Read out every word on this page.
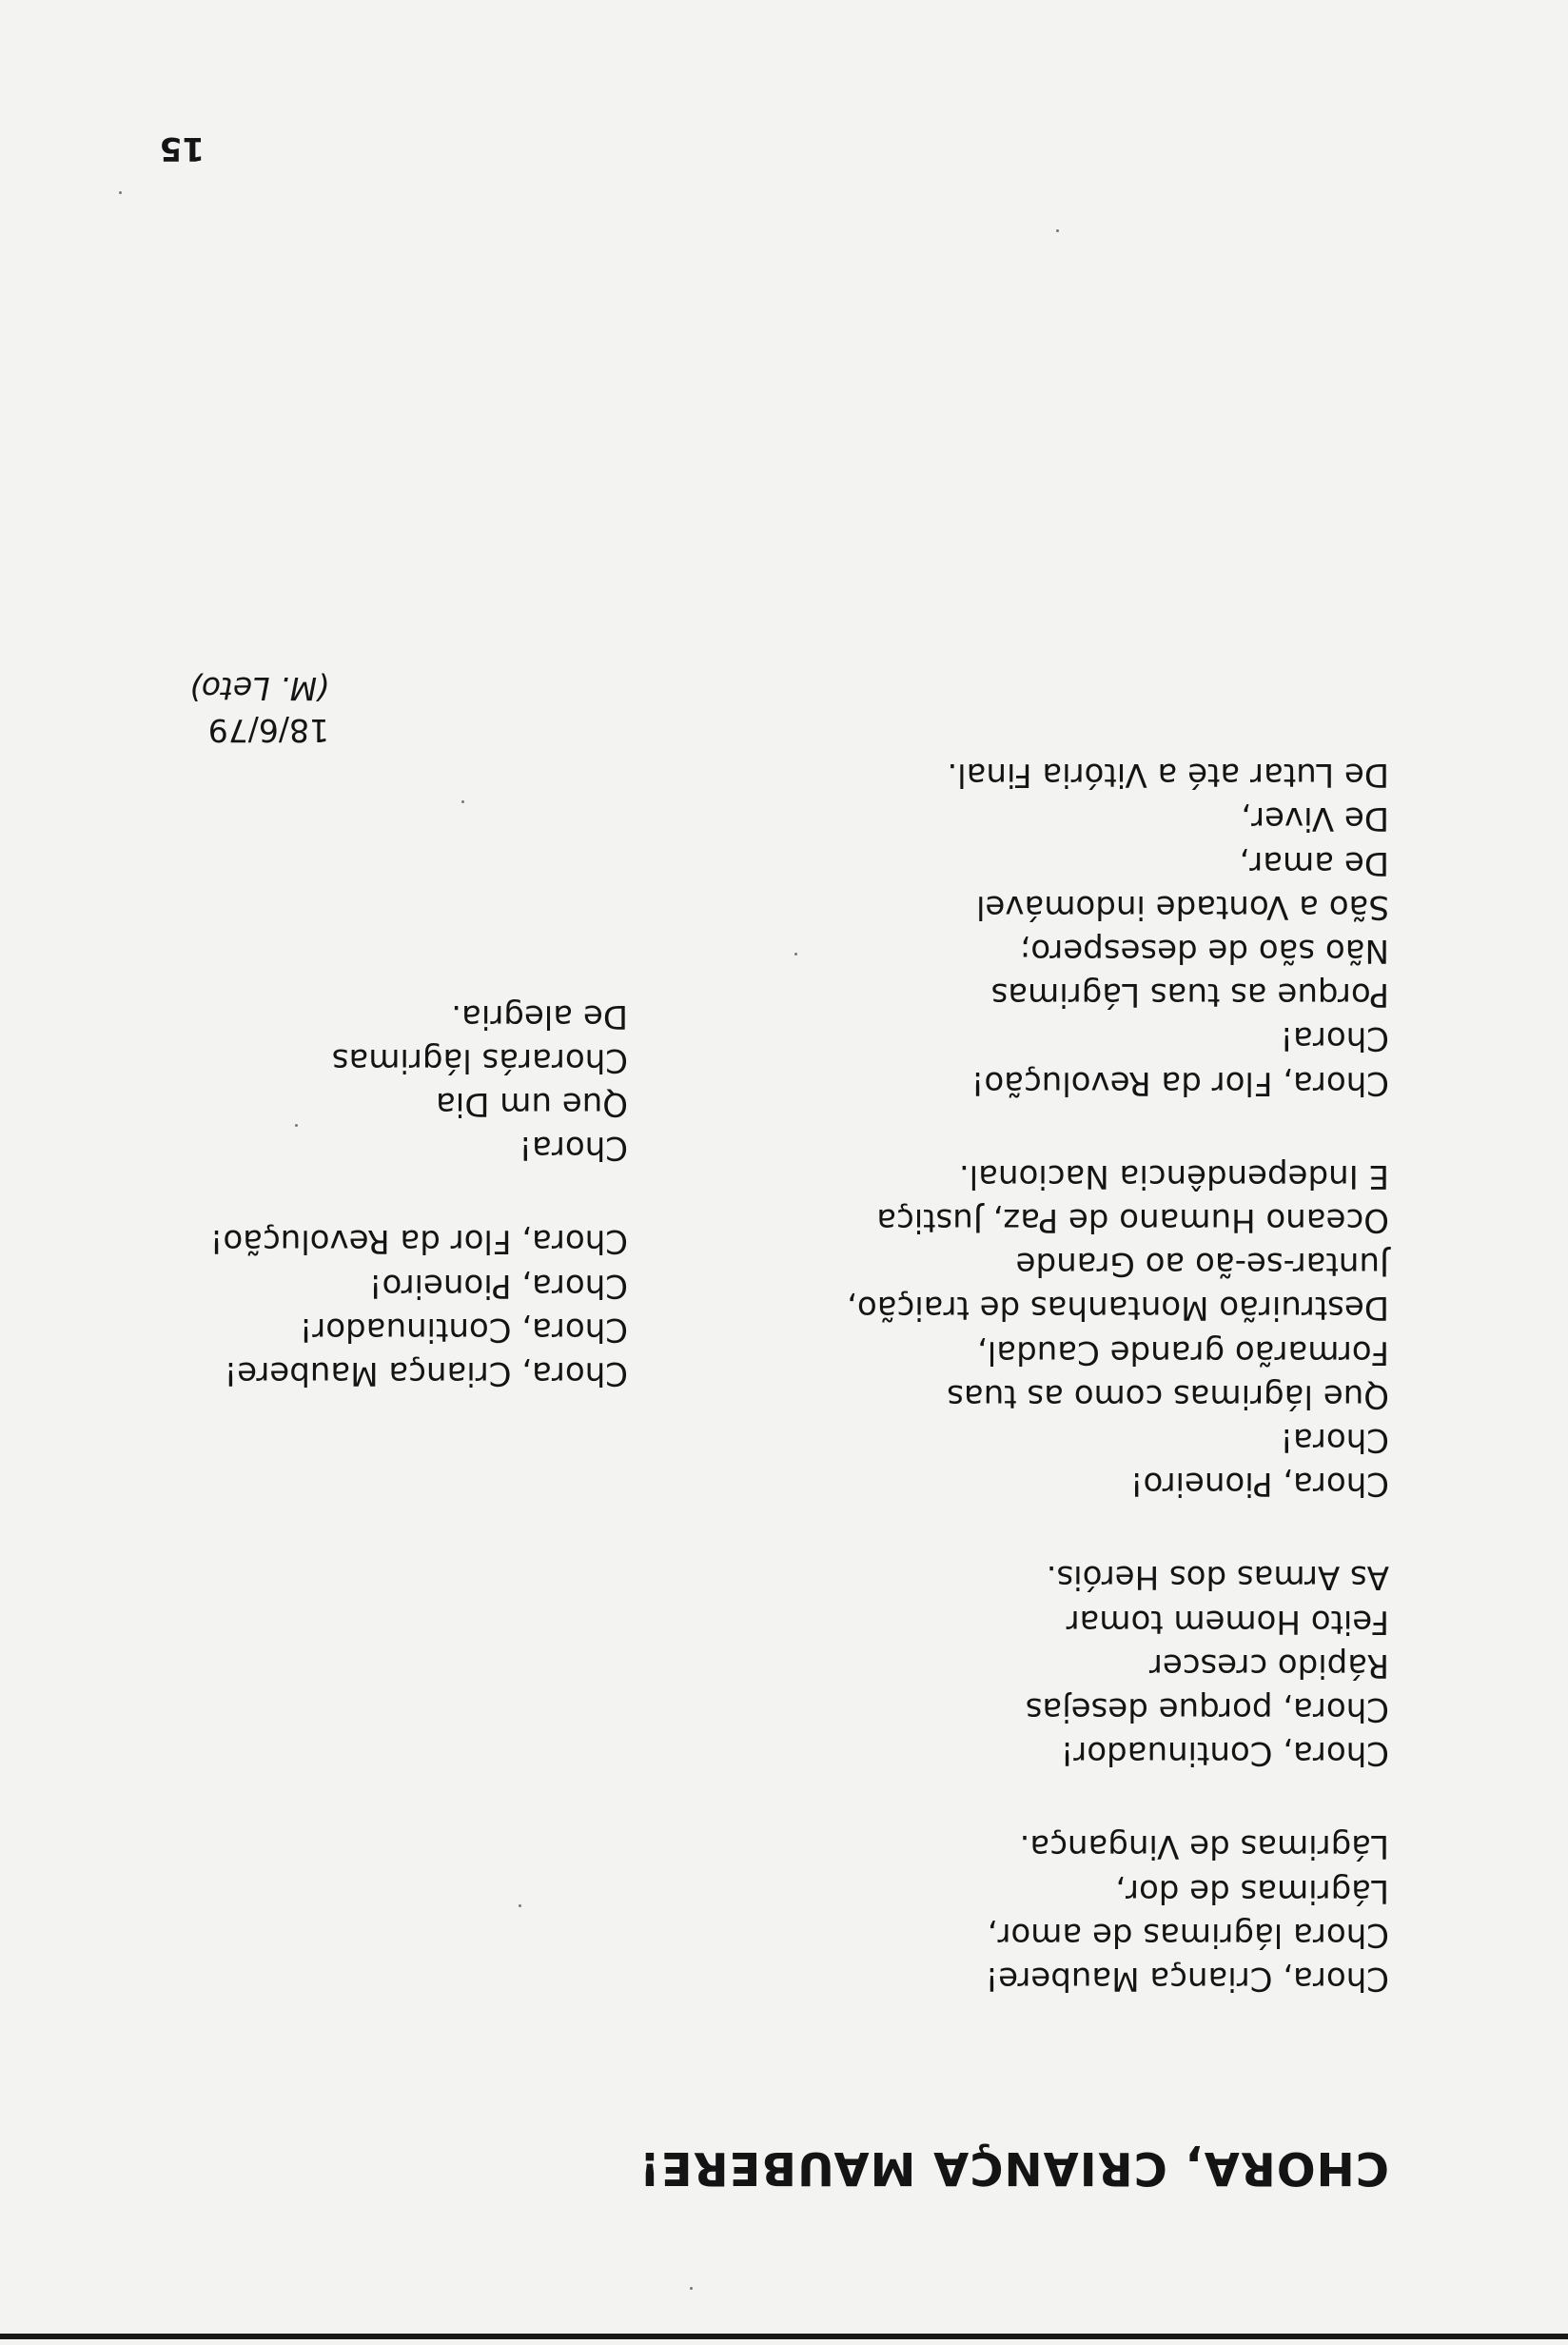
CHORA, CRIANÇA MAUBERE!
Chora, Criança Maubere!
Chora lágrimas de amor,
Lágrimas de dor,
Lágrimas de Vingança.
Chora, Continuador!
Chora, porque desejas
Rápido crescer
Feito Homem tomar
As Armas dos Heróis.
Chora, Pioneiro!
Chora!
Que lágrimas como as tuas
Formarão grande Caudal,
Destruirão Montanhas de traição,
Juntar-se-ão ao Grande
Oceano Humano de Paz, Justiça
E Independência Nacional.
Chora, Flor da Revolução!
Chora!
Porque as tuas Lágrimas
Não são de desespero;
São a Vontade indomável
De amar,
De Viver,
De Lutar até a Vitória Final.
Chora, Criança Maubere!
Chora, Continuador!
Chora, Pioneiro!
Chora, Flor da Revolução!
Chora!
Que um Dia
Chorarás lágrimas
De alegria.
18/6/79
(M. Leto)
15
